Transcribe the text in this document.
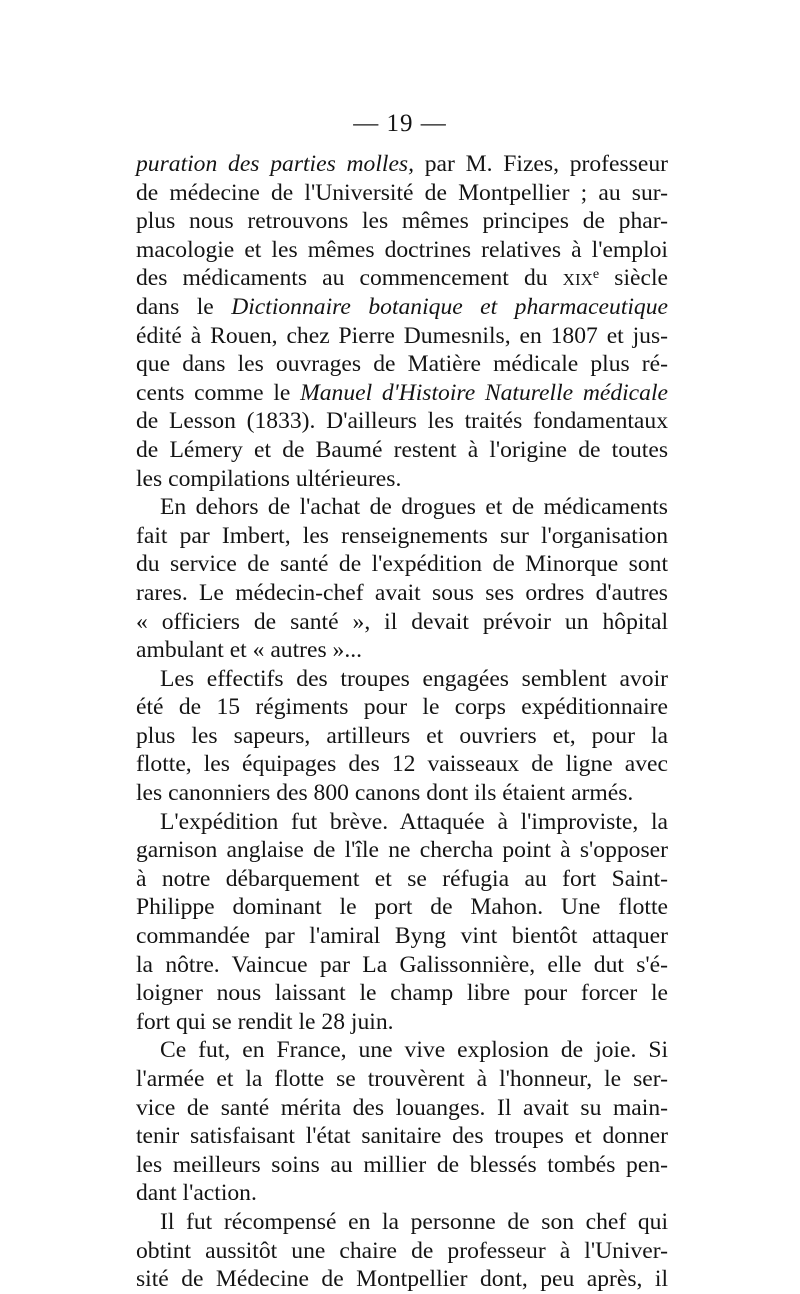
— 19 —
puration des parties molles, par M. Fizes, professeur
de médecine de l'Université de Montpellier ; au sur-
plus nous retrouvons les mêmes principes de phar-
macologie et les mêmes doctrines relatives à l'emploi
des médicaments au commencement du xix$^e$ siècle
dans le Dictionnaire botanique et pharmaceutique
édité à Rouen, chez Pierre Dumesnils, en 1807 et jus-
que dans les ouvrages de Matière médicale plus ré-
cents comme le Manuel d'Histoire Naturelle médicale
de Lesson (1833). D'ailleurs les traités fondamentaux
de Lémery et de Baumé restent à l'origine de toutes
les compilations ultérieures.
En dehors de l'achat de drogues et de médicaments
fait par Imbert, les renseignements sur l'organisation
du service de santé de l'expédition de Minorque sont
rares. Le médecin-chef avait sous ses ordres d'autres
« officiers de santé », il devait prévoir un hôpital
ambulant et « autres »...
Les effectifs des troupes engagées semblent avoir
été de 15 régiments pour le corps expéditionnaire
plus les sapeurs, artilleurs et ouvriers et, pour la
flotte, les équipages des 12 vaisseaux de ligne avec
les canonniers des 800 canons dont ils étaient armés.
L'expédition fut brève. Attaquée à l'improviste, la
garnison anglaise de l'île ne chercha point à s'opposer
à notre débarquement et se réfugia au fort Saint-
Philippe dominant le port de Mahon. Une flotte
commandée par l'amiral Byng vint bientôt attaquer
la nôtre. Vaincue par La Galissonnière, elle dut s'é-
loigner nous laissant le champ libre pour forcer le
fort qui se rendit le 28 juin.
Ce fut, en France, une vive explosion de joie. Si
l'armée et la flotte se trouvèrent à l'honneur, le ser-
vice de santé mérita des louanges. Il avait su main-
tenir satisfaisant l'état sanitaire des troupes et donner
les meilleurs soins au millier de blessés tombés pen-
dant l'action.
Il fut récompensé en la personne de son chef qui
obtint aussitôt une chaire de professeur à l'Univer-
sité de Médecine de Montpellier dont, peu après, il
